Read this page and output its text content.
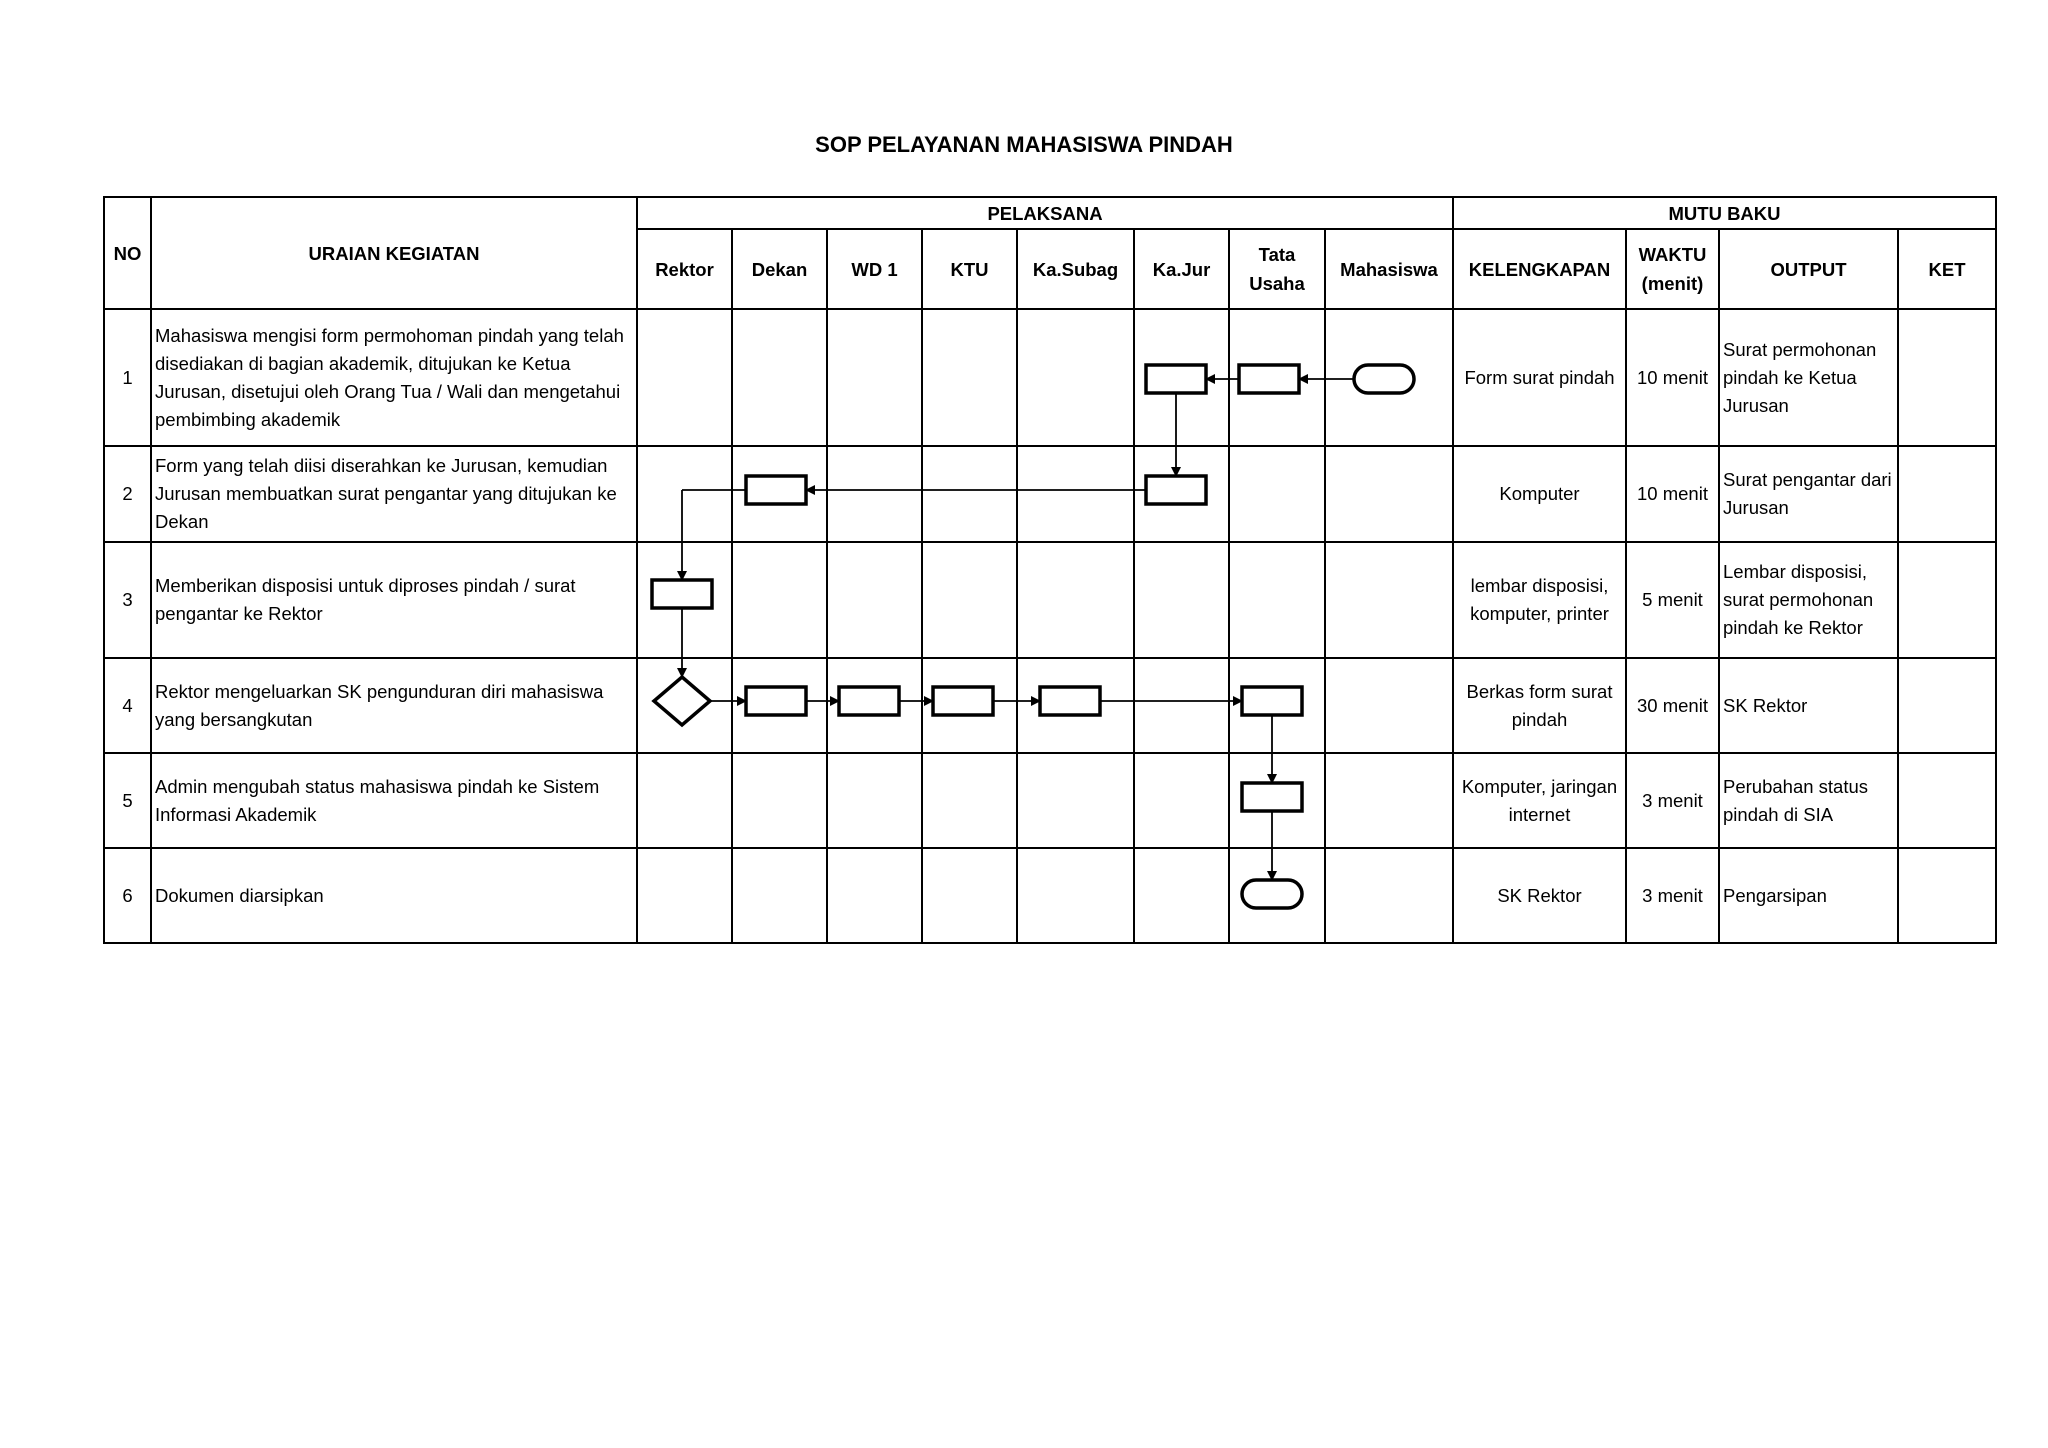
SOP PELAYANAN MAHASISWA PINDAH
NO	URAIAN KEGIATAN	PELAKSANA								MUTU BAKU			
		Rektor	Dekan	WD 1	KTU	Ka.Subag	Ka.Jur	Tata Usaha	Mahasiswa	KELENGKAPAN	WAKTU (menit)	OUTPUT	KET
1	Mahasiswa mengisi form permohoman pindah yang telah disediakan di bagian akademik, ditujukan ke Ketua Jurusan, disetujui oleh Orang Tua / Wali dan mengetahui pembimbing akademik									Form surat pindah	10 menit	Surat permohonan pindah ke Ketua Jurusan	
2	Form yang telah diisi diserahkan ke Jurusan, kemudian Jurusan membuatkan surat pengantar yang ditujukan ke Dekan									Komputer	10 menit	Surat pengantar dari Jurusan	
3	Memberikan disposisi untuk diproses pindah / surat pengantar ke Rektor									lembar disposisi, komputer, printer	5 menit	Lembar disposisi, surat permohonan pindah ke Rektor	
4	Rektor mengeluarkan SK pengunduran diri mahasiswa yang bersangkutan									Berkas form surat pindah	30 menit	SK Rektor	
5	Admin mengubah status mahasiswa pindah ke Sistem Informasi Akademik									Komputer, jaringan internet	3 menit	Perubahan status pindah di SIA	
6	Dokumen diarsipkan									SK Rektor	3 menit	Pengarsipan	
